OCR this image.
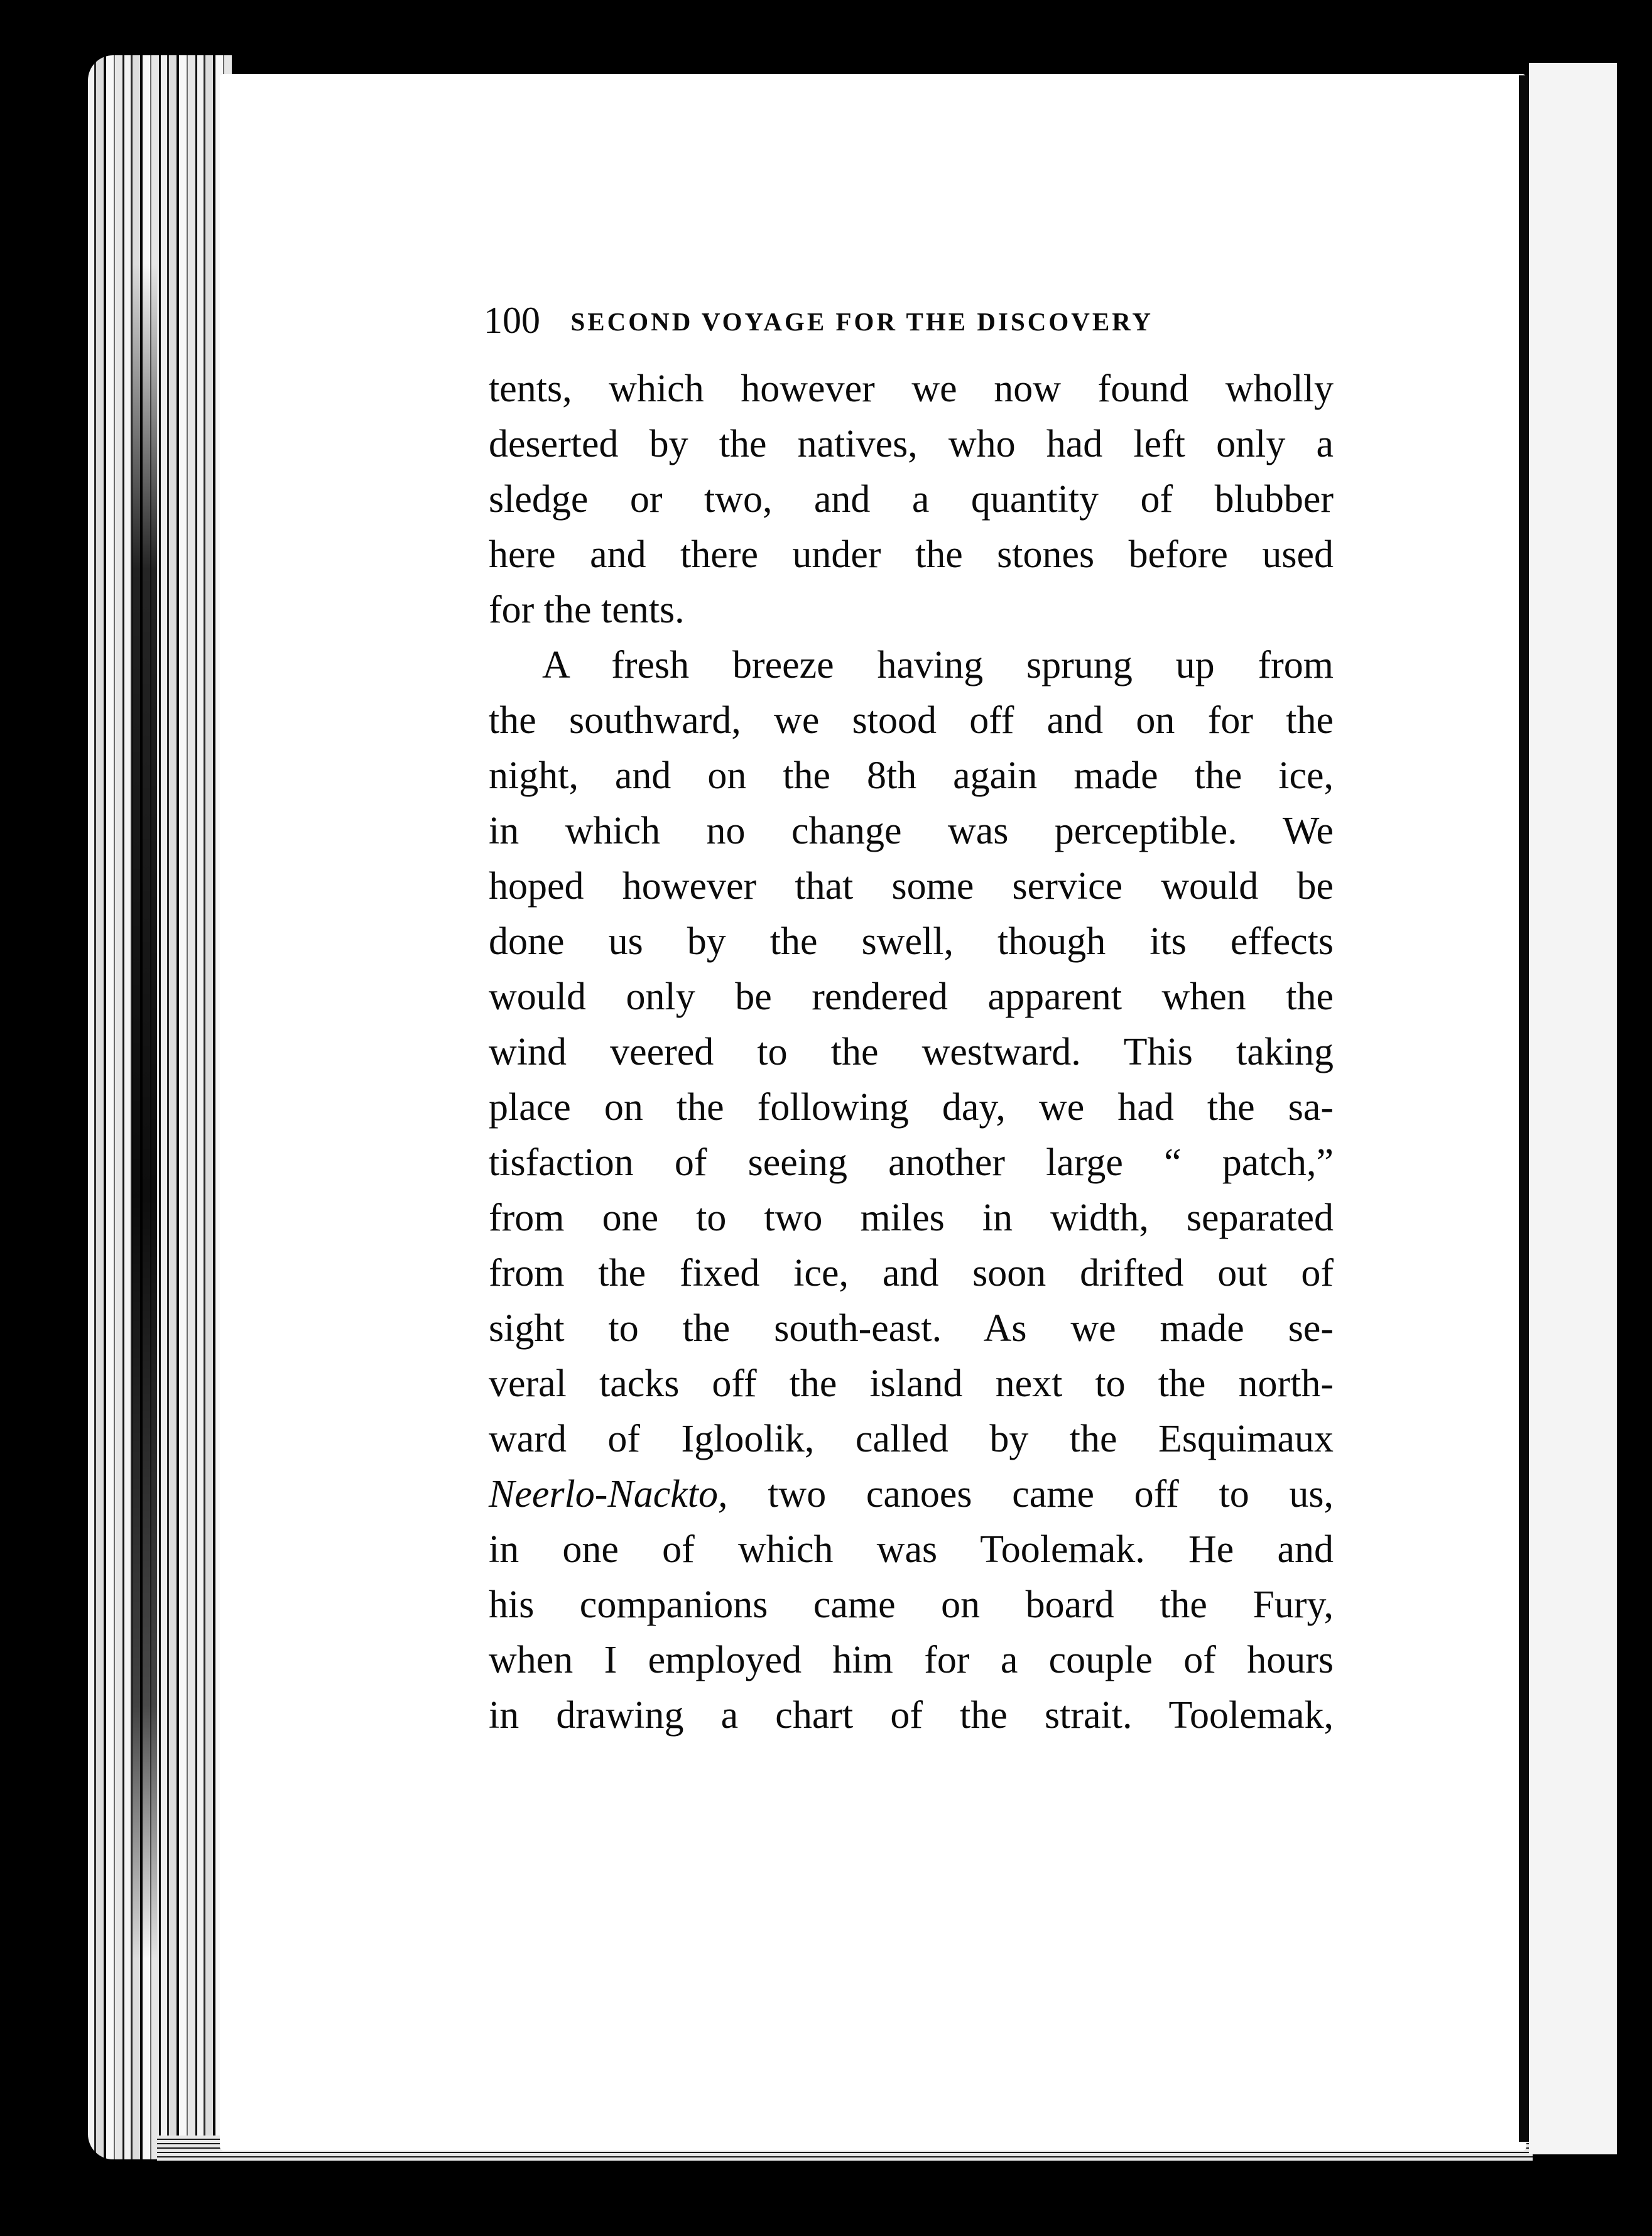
100 SECOND VOYAGE FOR THE DISCOVERY
tents, which however we now found wholly
deserted by the natives, who had left only a
sledge or two, and a quantity of blubber
here and there under the stones before used
for the tents.
A fresh breeze having sprung up from
the southward, we stood off and on for the
night, and on the 8th again made the ice,
in which no change was perceptible. We
hoped however that some service would be
done us by the swell, though its effects
would only be rendered apparent when the
wind veered to the westward. This taking
place on the following day, we had the sa-
tisfaction of seeing another large “ patch,”
from one to two miles in width, separated
from the fixed ice, and soon drifted out of
sight to the south-east. As we made se-
veral tacks off the island next to the north-
ward of Igloolik, called by the Esquimaux
Neerlo-Nackto, two canoes came off to us,
in one of which was Toolemak. He and
his companions came on board the Fury,
when I employed him for a couple of hours
in drawing a chart of the strait. Toolemak,
